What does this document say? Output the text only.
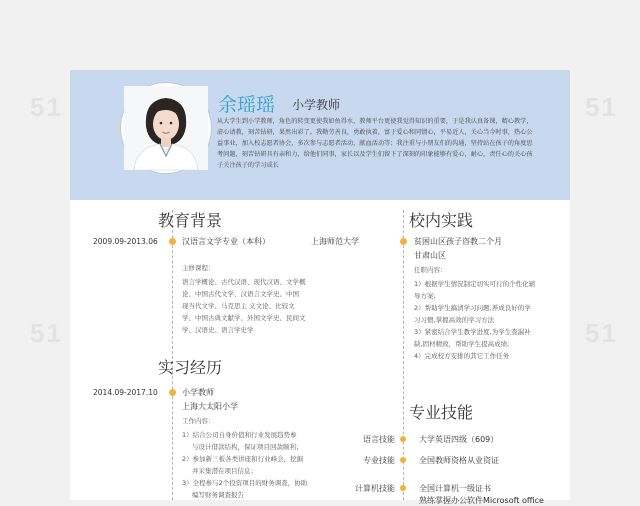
51	51
51	51
余瑶瑶 小学教师
从大学生到小学教师，角色的转变更使我如鱼得水，教师平台更使我觉得知识的重要，于是我认真备课，精心教学，虚心请教，刻苦钻研，果然出彩了。我勤劳善良，勇敢执着，富于爱心和同情心，平易近人，关心当今时事，热心公益事业，加入校志愿者协会，多次参与志愿者活动，献血活动等；我注重与小朋友们的沟通，坚持站在孩子的角度思考问题，刻苦钻研具有亲和力，给他们同事，家长以及学生们留下了深刻的印象能够有爱心，耐心，责任心的关心孩子关注孩子的学习成长
教育背景
2009.09-2013.06	汉语言文学专业（本科）	上海师范大学
主修课程：
语言学概论、古代汉语、现代汉语、文学概
论、中国古代文学、汉语言文学史、中国
现当代文学、马克思主 义文论、比较文
学、中国古典文献学、外国文学史、民间文
学、汉语史、语言学史学
实习经历
2014.09-2017.10	小学教师
上海大太阳小学
工作内容：
1）结合公司自身价值和行业发展趋势参
与设计借款结构，保证项目回款顺利；
2）参加新三板各类讲座和行业峰会，挖掘
并采集潜在项目信息；
3）全程参与2个投资项目的财务调查，协助
编写财务调查报告
校内实践
贫困山区孩子咨教二个月
甘肃山区
任职内容：
1）根据学生情况制定切实可行的个性化辅
导方案;
2）帮助学生搞清学习问题,养成良好的学
习习惯,掌握高效的学习方法
3）紧密结合学生教学进度,为学生查漏补
缺,固材精致，帮助学生提高成绩;
4）完成校方安排的其它工作任务
专业技能
语言技能	大学英语四级（609）
专业技能	全国教师资格从业资证
计算机技能	全国计算机一级证书
熟练掌握办公软件Microsoft office
